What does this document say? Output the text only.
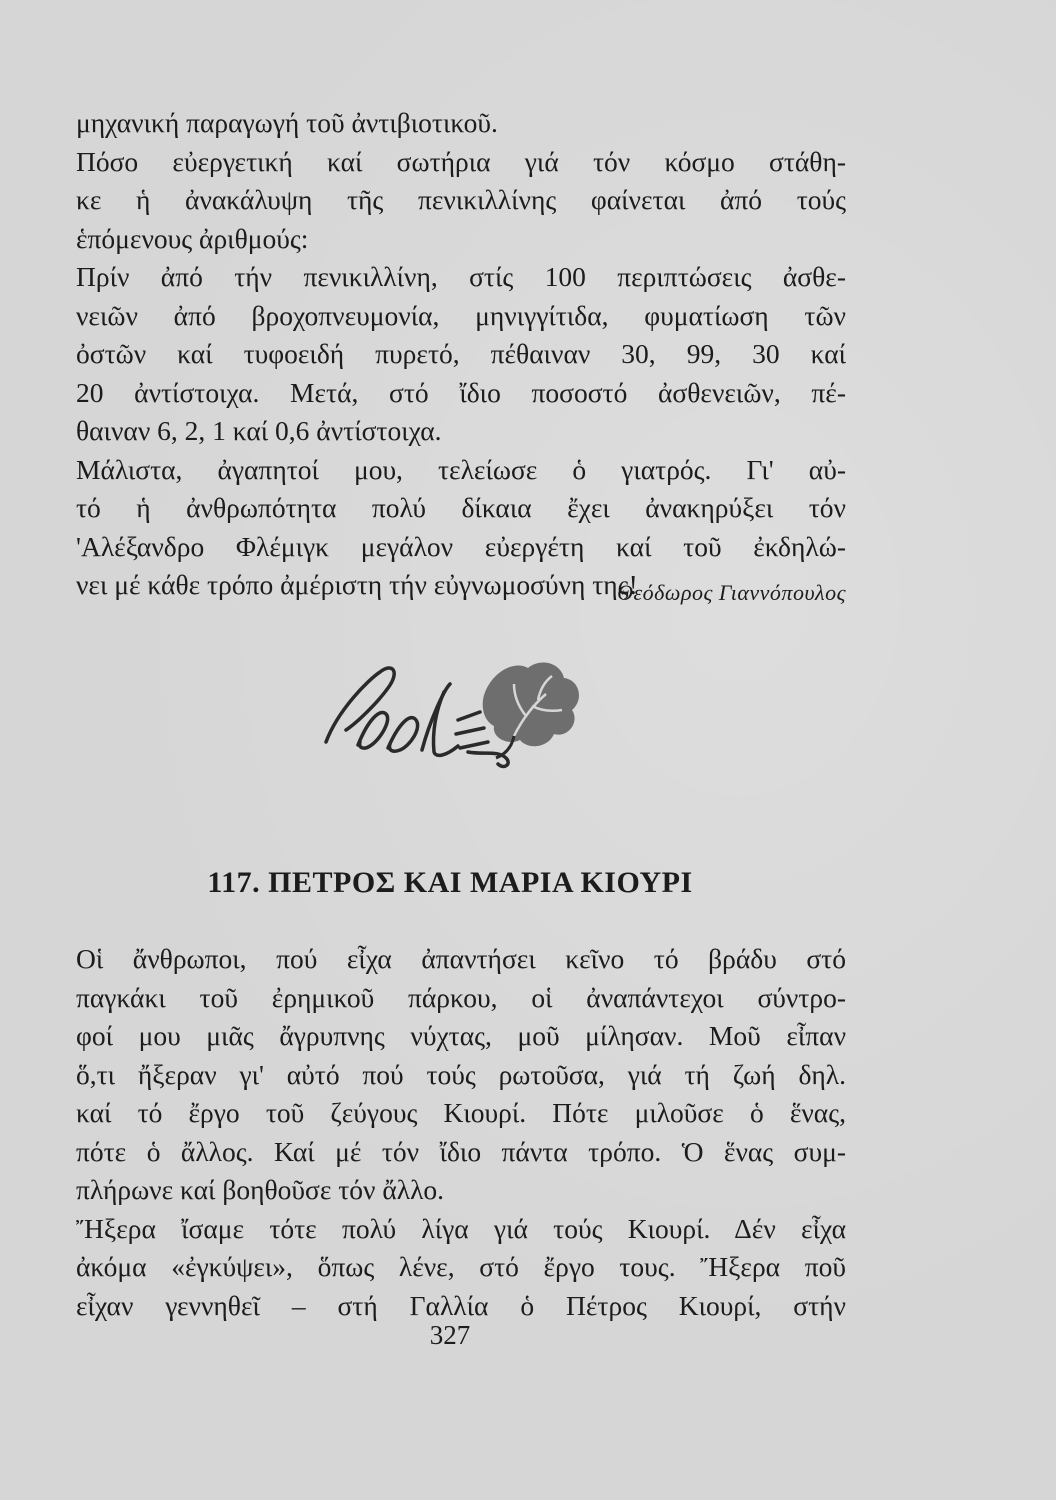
μηχανική παραγωγή τοῦ ἀντιβιοτικοῦ.
Πόσο εὐεργετική καί σωτήρια γιά τόν κόσμο στάθη-
κε ἡ ἀνακάλυψη τῆς πενικιλλίνης φαίνεται ἀπό τούς
ἑπόμενους ἀριθμούς:
Πρίν ἀπό τήν πενικιλλίνη, στίς 100 περιπτώσεις ἀσθε-
νειῶν ἀπό βροχοπνευμονία, μηνιγγίτιδα, φυματίωση τῶν
ὀστῶν καί τυφοειδή πυρετό, πέθαιναν 30, 99, 30 καί
20 ἀντίστοιχα. Μετά, στό ἴδιο ποσοστό ἀσθενειῶν, πέ-
θαιναν 6, 2, 1 καί 0,6 ἀντίστοιχα.
Μάλιστα, ἀγαπητοί μου, τελείωσε ὁ γιατρός. Γι' αὐ-
τό ἡ ἀνθρωπότητα πολύ δίκαια ἔχει ἀνακηρύξει τόν
'Αλέξανδρο Φλέμιγκ μεγάλον εὐεργέτη καί τοῦ ἐκδηλώ-
νει μέ κάθε τρόπο ἀμέριστη τήν εὐγνωμοσύνη της!
Θεόδωρος Γιαννόπουλος
117. ΠΕΤΡΟΣ ΚΑΙ ΜΑΡΙΑ ΚΙΟΥΡΙ
Οἱ ἄνθρωποι, πού εἶχα ἀπαντήσει κεῖνο τό βράδυ στό
παγκάκι τοῦ ἐρημικοῦ πάρκου, οἱ ἀναπάντεχοι σύντρο-
φοί μου μιᾶς ἄγρυπνης νύχτας, μοῦ μίλησαν. Μοῦ εἶπαν
ὅ,τι ἤξεραν γι' αὐτό πού τούς ρωτοῦσα, γιά τή ζωή δηλ.
καί τό ἔργο τοῦ ζεύγους Κιουρί. Πότε μιλοῦσε ὁ ἕνας,
πότε ὁ ἄλλος. Καί μέ τόν ἴδιο πάντα τρόπο. Ὁ ἕνας συμ-
πλήρωνε καί βοηθοῦσε τόν ἄλλο.
Ἤξερα ἴσαμε τότε πολύ λίγα γιά τούς Κιουρί. Δέν εἶχα
ἀκόμα «ἐγκύψει», ὅπως λένε, στό ἔργο τους. Ἤξερα ποῦ
εἶχαν γεννηθεῖ – στή Γαλλία ὁ Πέτρος Κιουρί, στήν
327
